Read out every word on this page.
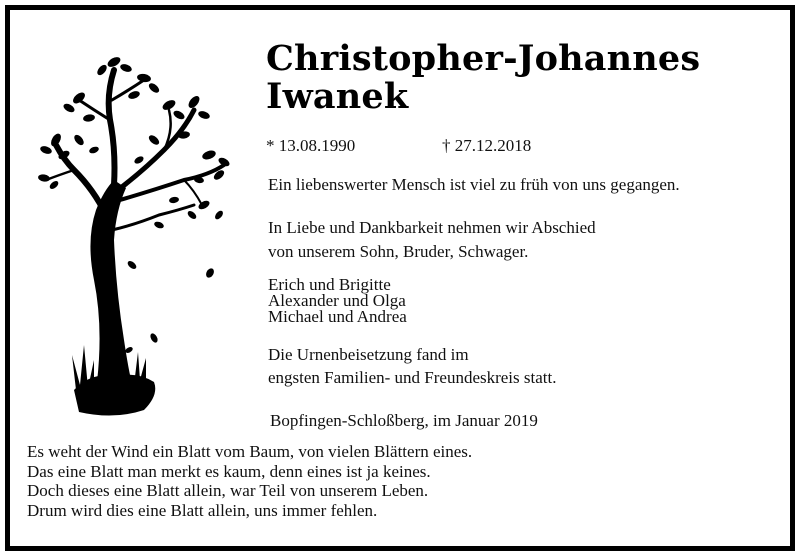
Christopher-Johannes
Iwanek
* 13.08.1990	† 27.12.2018
Ein liebenswerter Mensch ist viel zu früh von uns gegangen.
In Liebe und Dankbarkeit nehmen wir Abschied
von unserem Sohn, Bruder, Schwager.
Erich und Brigitte
Alexander und Olga
Michael und Andrea
Die Urnenbeisetzung fand im
engsten Familien- und Freundeskreis statt.
Bopfingen-Schloßberg, im Januar 2019
Es weht der Wind ein Blatt vom Baum, von vielen Blättern eines.
Das eine Blatt man merkt es kaum, denn eines ist ja keines.
Doch dieses eine Blatt allein, war Teil von unserem Leben.
Drum wird dies eine Blatt allein, uns immer fehlen.
